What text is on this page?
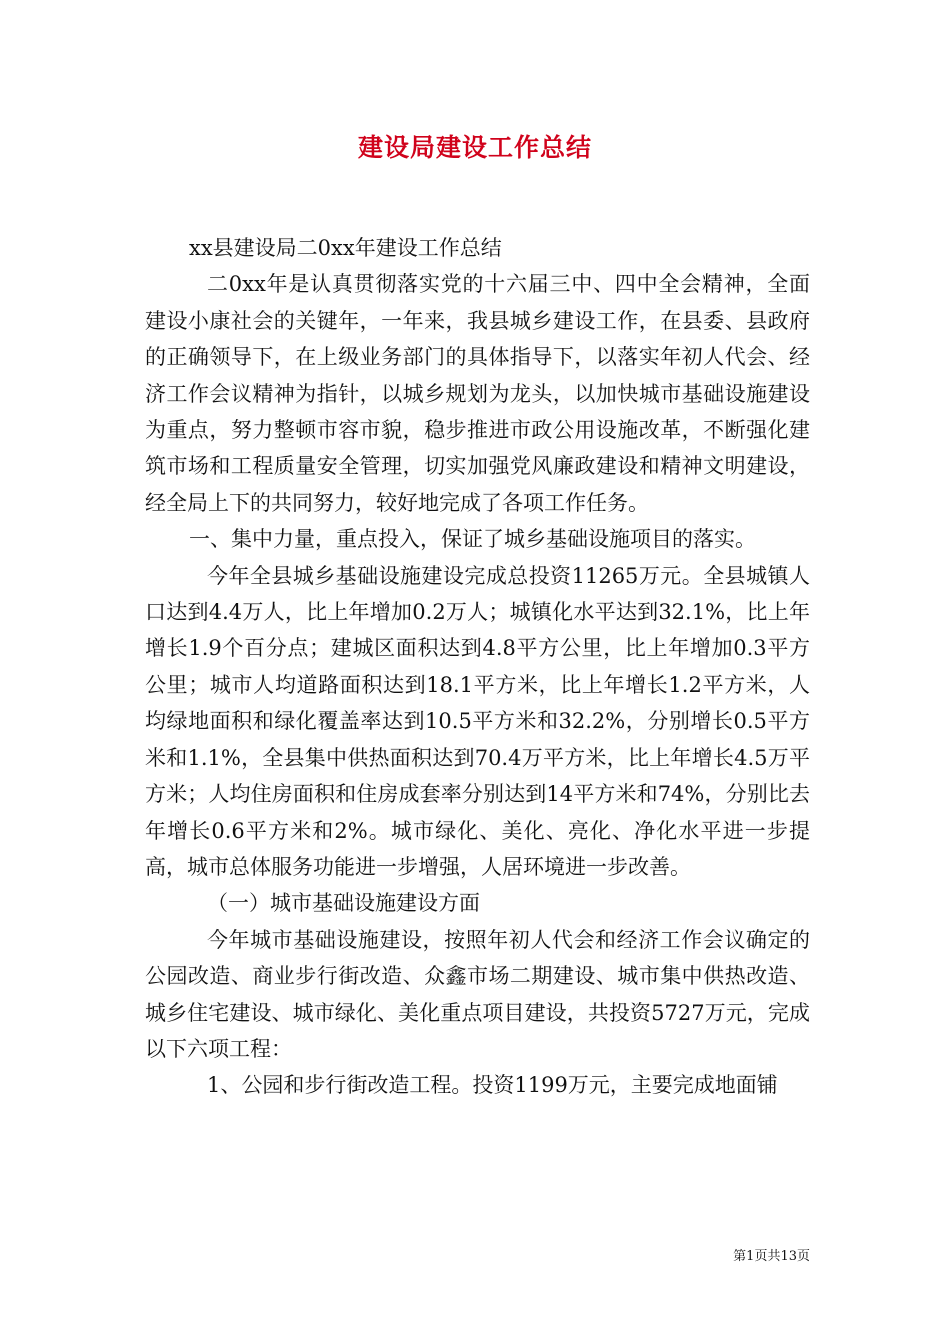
建设局建设工作总结

xx县建设局二0xx年建设工作总结

二0xx年是认真贯彻落实党的十六届三中、四中全会精神，全面建设小康社会的关键年，一年来，我县城乡建设工作，在县委、县政府的正确领导下，在上级业务部门的具体指导下，以落实年初人代会、经济工作会议精神为指针，以城乡规划为龙头，以加快城市基础设施建设为重点，努力整顿市容市貌，稳步推进市政公用设施改革，不断强化建筑市场和工程质量安全管理，切实加强党风廉政建设和精神文明建设，经全局上下的共同努力，较好地完成了各项工作任务。

一、集中力量，重点投入，保证了城乡基础设施项目的落实。

今年全县城乡基础设施建设完成总投资11265万元。全县城镇人口达到4.4万人，比上年增加0.2万人；城镇化水平达到32.1%，比上年增长1.9个百分点；建城区面积达到4.8平方公里，比上年增加0.3平方公里；城市人均道路面积达到18.1平方米，比上年增长1.2平方米，人均绿地面积和绿化覆盖率达到10.5平方米和32.2%，分别增长0.5平方米和1.1%，全县集中供热面积达到70.4万平方米，比上年增长4.5万平方米；人均住房面积和住房成套率分别达到14平方米和74%，分别比去年增长0.6平方米和2%。城市绿化、美化、亮化、净化水平进一步提高，城市总体服务功能进一步增强，人居环境进一步改善。

（一）城市基础设施建设方面

今年城市基础设施建设，按照年初人代会和经济工作会议确定的公园改造、商业步行街改造、众鑫市场二期建设、城市集中供热改造、城乡住宅建设、城市绿化、美化重点项目建设，共投资5727万元，完成以下六项工程：

1、公园和步行街改造工程。投资1199万元，主要完成地面铺

第1页共13页
